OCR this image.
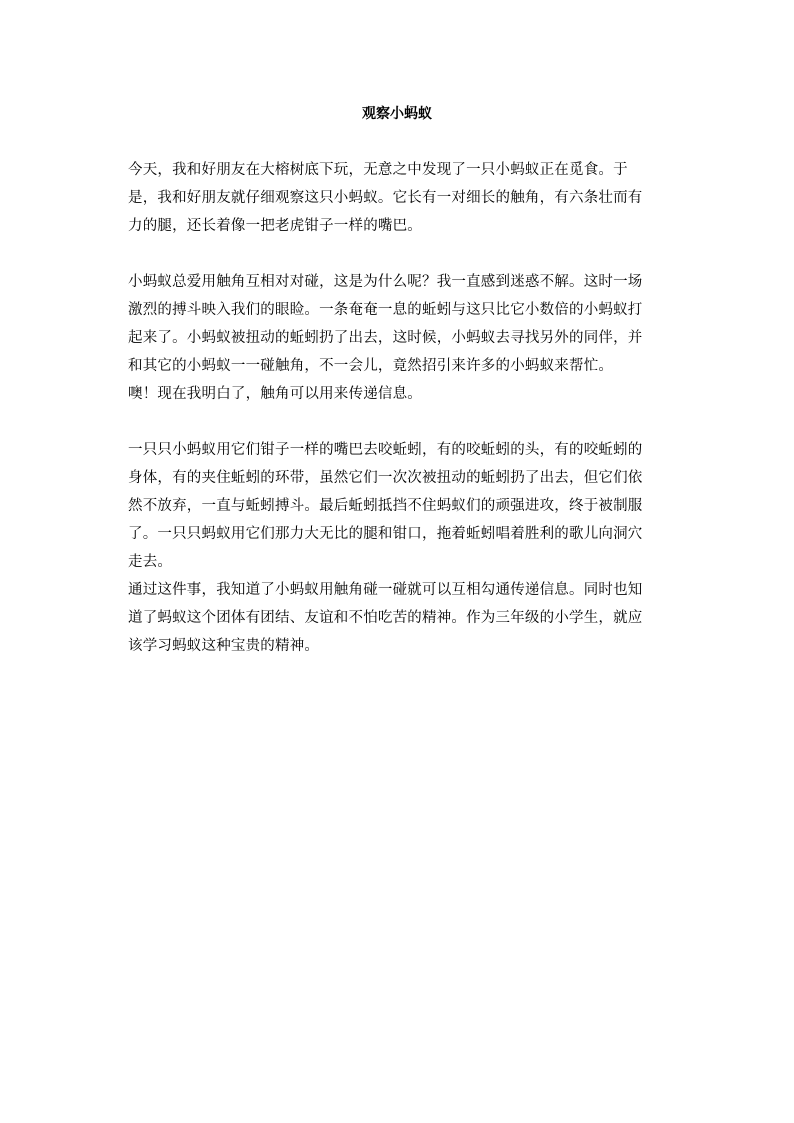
观察小蚂蚁

今天，我和好朋友在大榕树底下玩，无意之中发现了一只小蚂蚁正在觅食。于
是，我和好朋友就仔细观察这只小蚂蚁。它长有一对细长的触角，有六条壮而有
力的腿，还长着像一把老虎钳子一样的嘴巴。

小蚂蚁总爱用触角互相对对碰，这是为什么呢？我一直感到迷惑不解。这时一场
激烈的搏斗映入我们的眼睑。一条奄奄一息的蚯蚓与这只比它小数倍的小蚂蚁打
起来了。小蚂蚁被扭动的蚯蚓扔了出去，这时候，小蚂蚁去寻找另外的同伴，并
和其它的小蚂蚁一一碰触角，不一会儿，竟然招引来许多的小蚂蚁来帮忙。
噢！现在我明白了，触角可以用来传递信息。

一只只小蚂蚁用它们钳子一样的嘴巴去咬蚯蚓，有的咬蚯蚓的头，有的咬蚯蚓的
身体，有的夹住蚯蚓的环带，虽然它们一次次被扭动的蚯蚓扔了出去，但它们依
然不放弃，一直与蚯蚓搏斗。最后蚯蚓抵挡不住蚂蚁们的顽强进攻，终于被制服
了。一只只蚂蚁用它们那力大无比的腿和钳口，拖着蚯蚓唱着胜利的歌儿向洞穴
走去。
通过这件事，我知道了小蚂蚁用触角碰一碰就可以互相勾通传递信息。同时也知
道了蚂蚁这个团体有团结、友谊和不怕吃苦的精神。作为三年级的小学生，就应
该学习蚂蚁这种宝贵的精神。
